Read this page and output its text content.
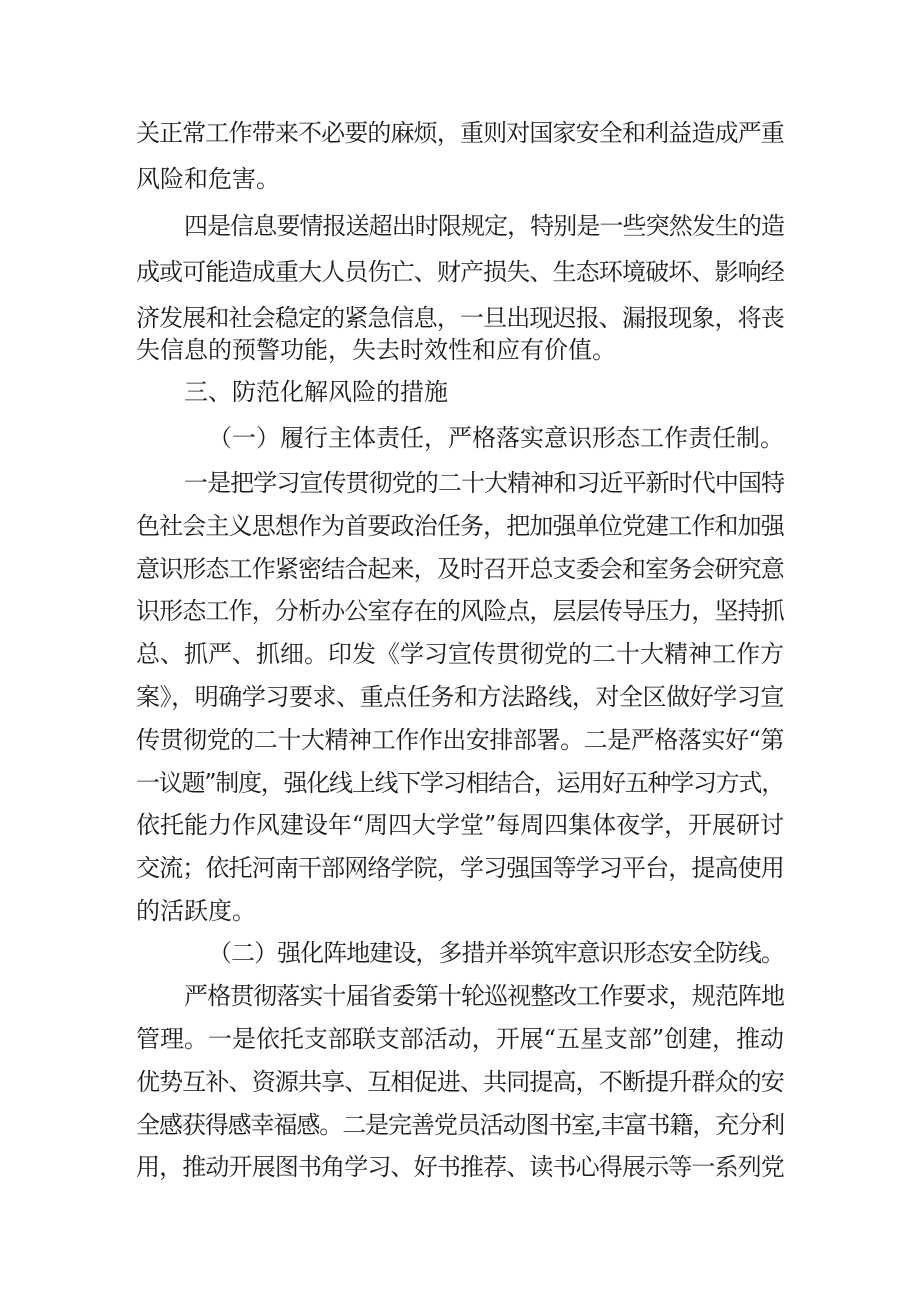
关正常工作带来不必要的麻烦，重则对国家安全和利益造成严重
风险和危害。
四是信息要情报送超出时限规定，特别是一些突然发生的造
成或可能造成重大人员伤亡、财产损失、生态环境破坏、影响经
济发展和社会稳定的紧急信息，一旦出现迟报、漏报现象，将丧
失信息的预警功能，失去时效性和应有价值。
三、防范化解风险的措施
（一）履行主体责任，严格落实意识形态工作责任制。
一是把学习宣传贯彻党的二十大精神和习近平新时代中国特
色社会主义思想作为首要政治任务，把加强单位党建工作和加强
意识形态工作紧密结合起来，及时召开总支委会和室务会研究意
识形态工作，分析办公室存在的风险点，层层传导压力，坚持抓
总、抓严、抓细。印发《学习宣传贯彻党的二十大精神工作方
案》，明确学习要求、重点任务和方法路线，对全区做好学习宣
传贯彻党的二十大精神工作作出安排部署。二是严格落实好“第
一议题”制度，强化线上线下学习相结合，运用好五种学习方式，
依托能力作风建设年“周四大学堂”每周四集体夜学，开展研讨
交流；依托河南干部网络学院，学习强国等学习平台，提高使用
的活跃度。
（二）强化阵地建设，多措并举筑牢意识形态安全防线。
严格贯彻落实十届省委第十轮巡视整改工作要求，规范阵地
管理。一是依托支部联支部活动，开展“五星支部”创建，推动
优势互补、资源共享、互相促进、共同提高，不断提升群众的安
全感获得感幸福感。二是完善党员活动图书室,丰富书籍，充分利
用，推动开展图书角学习、好书推荐、读书心得展示等一系列党
